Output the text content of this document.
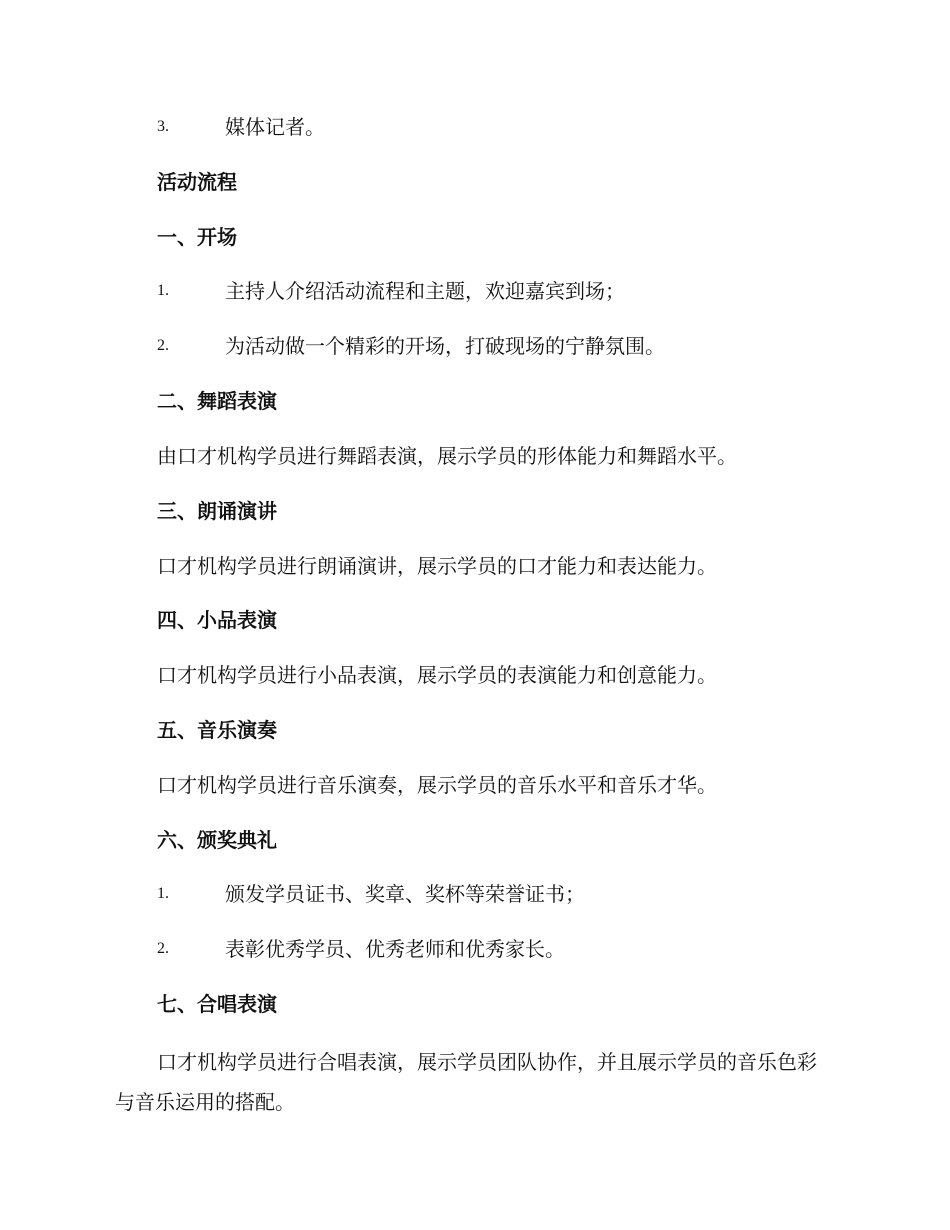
3.	媒体记者。
活动流程
一、开场
1.	主持人介绍活动流程和主题，欢迎嘉宾到场；
2.	为活动做一个精彩的开场，打破现场的宁静氛围。
二、舞蹈表演
由口才机构学员进行舞蹈表演，展示学员的形体能力和舞蹈水平。
三、朗诵演讲
口才机构学员进行朗诵演讲，展示学员的口才能力和表达能力。
四、小品表演
口才机构学员进行小品表演，展示学员的表演能力和创意能力。
五、音乐演奏
口才机构学员进行音乐演奏，展示学员的音乐水平和音乐才华。
六、颁奖典礼
1.	颁发学员证书、奖章、奖杯等荣誉证书；
2.	表彰优秀学员、优秀老师和优秀家长。
七、合唱表演

口才机构学员进行合唱表演，展示学员团队协作，并且展示学员的音乐色彩与音乐运用的搭配。
